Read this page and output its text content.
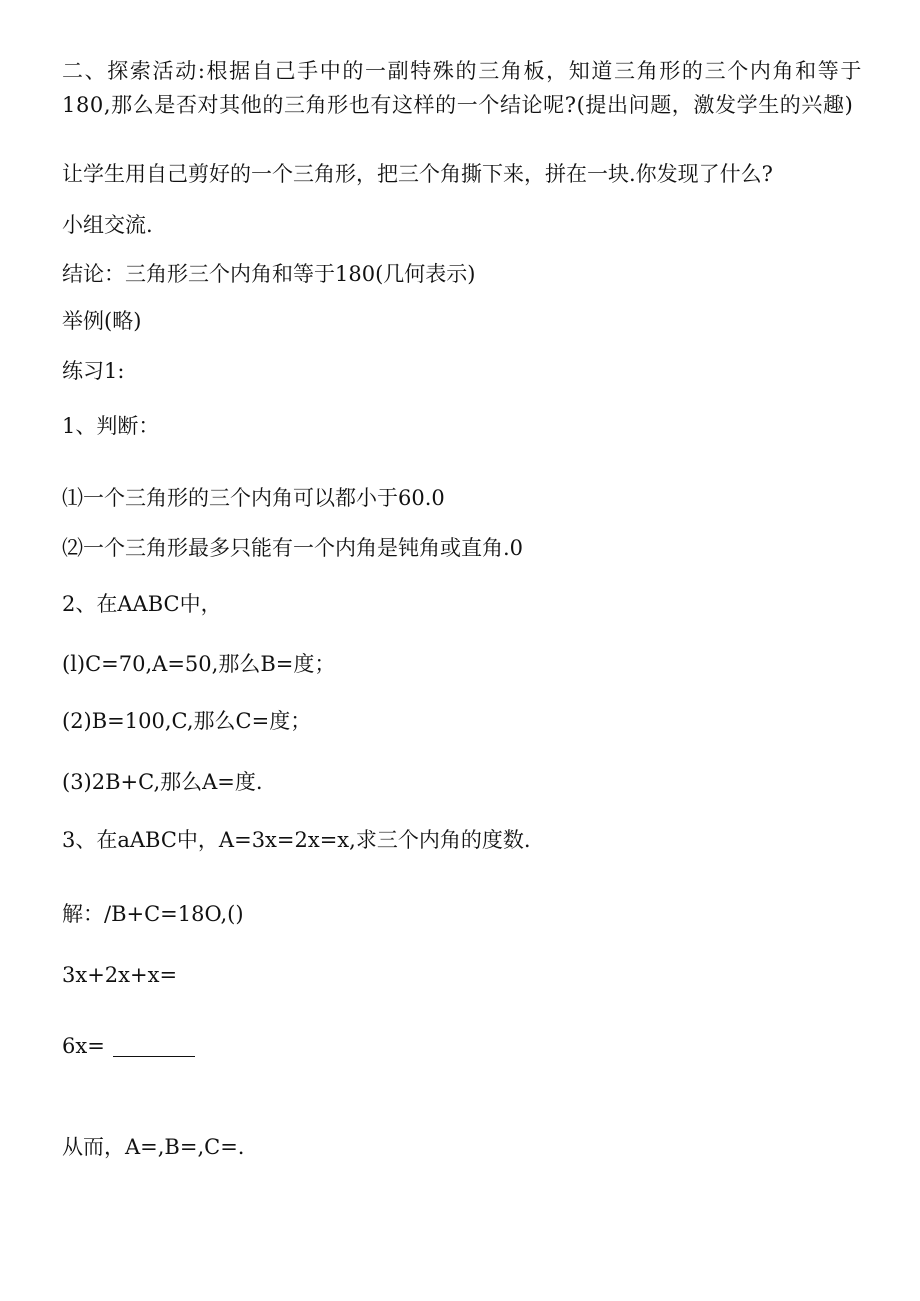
二、探索活动:根据自己手中的一副特殊的三角板，知道三角形的三个内角和等于180,那么是否对其他的三角形也有这样的一个结论呢?(提出问题，激发学生的兴趣)
让学生用自己剪好的一个三角形，把三个角撕下来，拼在一块.你发现了什么?
小组交流.
结论：三角形三个内角和等于180(几何表示)
举例(略)
练习1:
1、判断：
⑴一个三角形的三个内角可以都小于60.0
⑵一个三角形最多只能有一个内角是钝角或直角.0
2、在AABC中，
(l)C=70,A=50,那么B=度；
(2)B=100,C,那么C=度；
(3)2B+C,那么A=度.
3、在aABC中，A=3x=2x=x,求三个内角的度数.
解：∕B+C=18O,()
3x+2x+x=
6x=
从而，A=,B=,C=.
